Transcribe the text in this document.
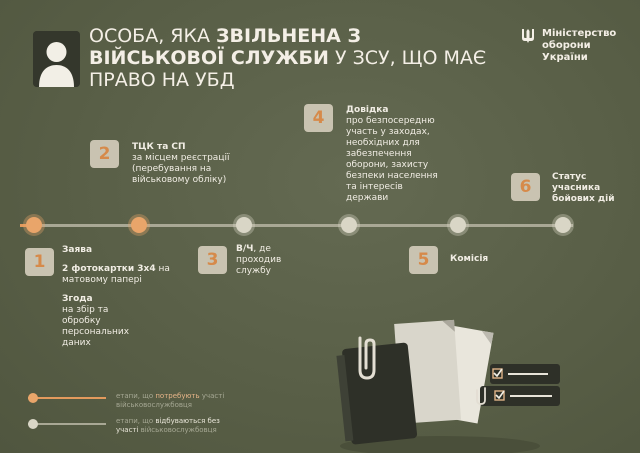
ОСОБА, ЯКА ЗВІЛЬНЕНА З ВІЙСЬКОВОЇ СЛУЖБИ У ЗСУ, ЩО МАЄ ПРАВО НА УБД
Міністерство
оборони
України
1
Заява
2 фотокартки 3x4 на матовому папері
Згода
на збір та обробку персональних даних
2	ТЦК та СП
за місцем реєстрації (перебування на військовому обліку)
3
В/Ч, де проходив службу
4	Довідка
про безпосередню участь у заходах, необхідних для забезпечення оборони, захисту безпеки населення та інтересів держави
5	Комісія
6	Статус учасника бойових дій
етапи, що потребують участі військовослужбовця
етапи, що відбуваються без участі військовослужбовця
